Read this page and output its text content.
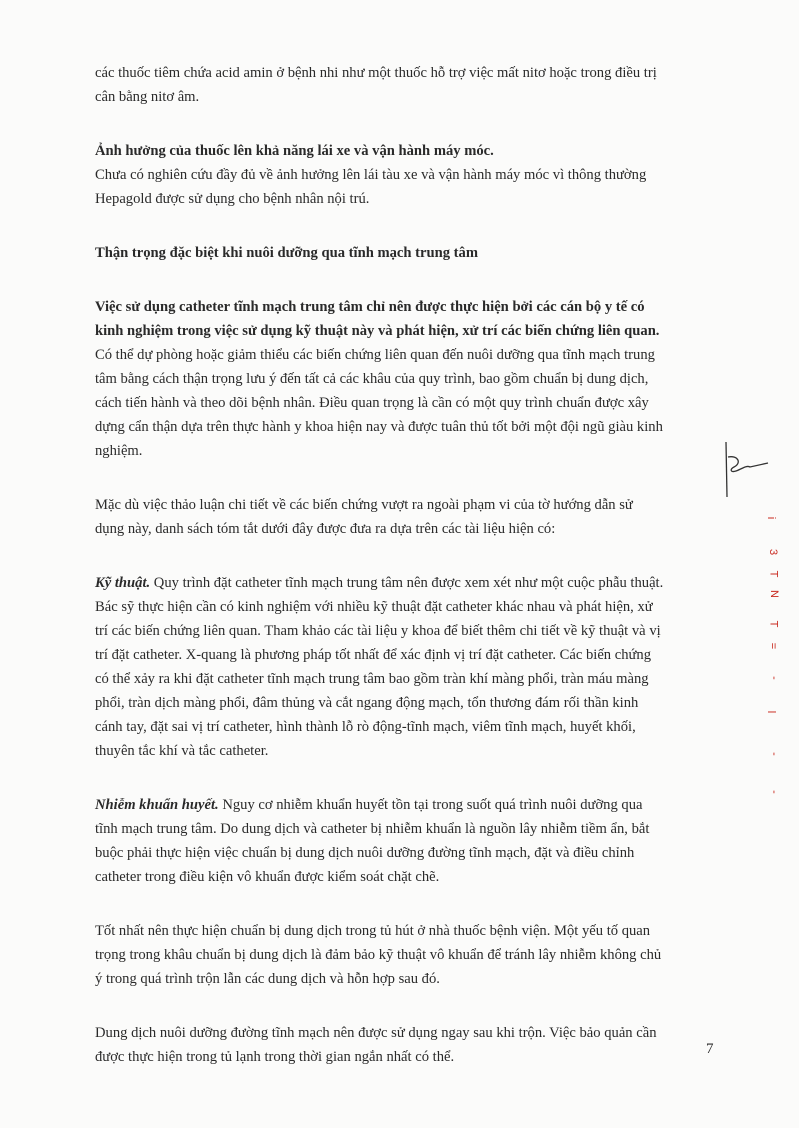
các thuốc tiêm chứa acid amin ở bệnh nhi như một thuốc hỗ trợ việc mất nitơ hoặc trong điều trị
cân bằng nitơ âm.

Ảnh hưởng của thuốc lên khả năng lái xe và vận hành máy móc.

Chưa có nghiên cứu đầy đủ về ảnh hưởng lên lái tàu xe và vận hành máy móc vì thông thường
Hepagold được sử dụng cho bệnh nhân nội trú.

Thận trọng đặc biệt khi nuôi dưỡng qua tĩnh mạch trung tâm

Việc sử dụng catheter tĩnh mạch trung tâm chỉ nên được thực hiện bởi các cán bộ y tế có
kinh nghiệm trong việc sử dụng kỹ thuật này và phát hiện, xử trí các biến chứng liên quan.
Có thể dự phòng hoặc giảm thiểu các biến chứng liên quan đến nuôi dưỡng qua tĩnh mạch trung
tâm bằng cách thận trọng lưu ý đến tất cả các khâu của quy trình, bao gồm chuẩn bị dung dịch,
cách tiến hành và theo dõi bệnh nhân. Điều quan trọng là cần có một quy trình chuẩn được xây
dựng cẩn thận dựa trên thực hành y khoa hiện nay và được tuân thủ tốt bởi một đội ngũ giàu kinh
nghiệm.

Mặc dù việc thảo luận chi tiết về các biến chứng vượt ra ngoài phạm vi của tờ hướng dẫn sử
dụng này, danh sách tóm tắt dưới đây được đưa ra dựa trên các tài liệu hiện có:

Kỹ thuật. Quy trình đặt catheter tĩnh mạch trung tâm nên được xem xét như một cuộc phẫu thuật.
Bác sỹ thực hiện cần có kinh nghiệm với nhiều kỹ thuật đặt catheter khác nhau và phát hiện, xử
trí các biến chứng liên quan. Tham khảo các tài liệu y khoa để biết thêm chi tiết về kỹ thuật và vị
trí đặt catheter. X-quang là phương pháp tốt nhất để xác định vị trí đặt catheter. Các biến chứng
có thể xảy ra khi đặt catheter tĩnh mạch trung tâm bao gồm tràn khí màng phổi, tràn máu màng
phổi, tràn dịch màng phổi, đâm thủng và cắt ngang động mạch, tổn thương đám rối thần kinh
cánh tay, đặt sai vị trí catheter, hình thành lỗ rò động-tĩnh mạch, viêm tĩnh mạch, huyết khối,
thuyên tắc khí và tắc catheter.

Nhiễm khuẩn huyết. Nguy cơ nhiễm khuẩn huyết tồn tại trong suốt quá trình nuôi dưỡng qua
tĩnh mạch trung tâm. Do dung dịch và catheter bị nhiễm khuẩn là nguồn lây nhiễm tiềm ẩn, bắt
buộc phải thực hiện việc chuẩn bị dung dịch nuôi dưỡng đường tĩnh mạch, đặt và điều chỉnh
catheter trong điều kiện vô khuẩn được kiểm soát chặt chẽ.

Tốt nhất nên thực hiện chuẩn bị dung dịch trong tủ hút ở nhà thuốc bệnh viện. Một yếu tố quan
trọng trong khâu chuẩn bị dung dịch là đảm bảo kỹ thuật vô khuẩn để tránh lây nhiễm không chủ
ý trong quá trình trộn lẫn các dung dịch và hỗn hợp sau đó.

Dung dịch nuôi dưỡng đường tĩnh mạch nên được sử dụng ngay sau khi trộn. Việc bảo quản cần
được thực hiện trong tủ lạnh trong thời gian ngắn nhất có thể.	7
i
3
T
N
T
=
-
l
-
-
